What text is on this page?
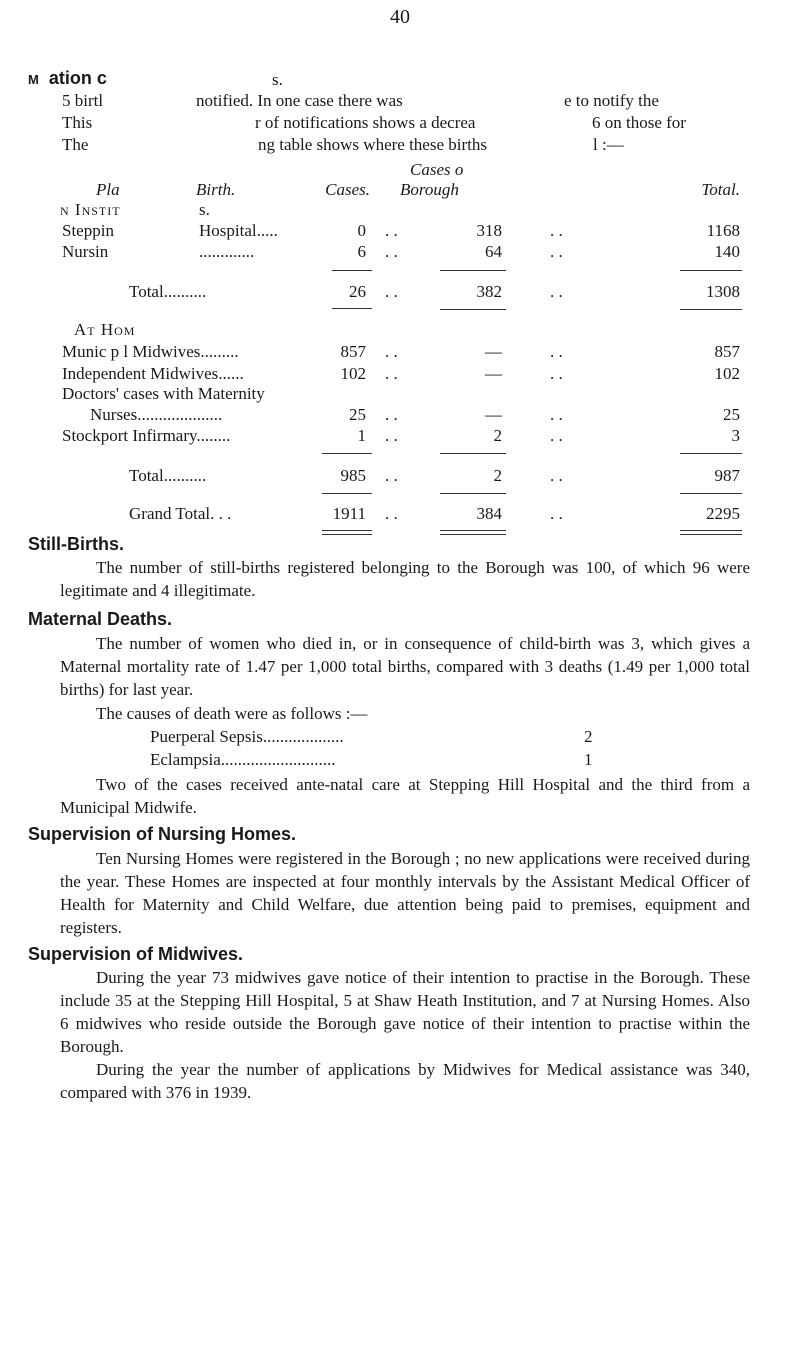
40
M ation c	s.
5 birtl	notified. In one case there was	e to notify the
This	r of notifications shows a decrea	6 on those for
The	ng table shows where these births	l :—
Cases o
Pla	Birth.	Cases. Borough	Total.
n Instit	s.
Steppin	Hospital.....	0 . .	318	. .	1168
Nursin	.............	6 . .	64	. .	140
Total..........	26 . .	382	. .	1308
At Hom
Munic p l Midwives.........	857 . .	—	. .	857
Independent Midwives......	102 . .	—	. .	102
Doctors' cases with Maternity
Nurses....................	25 . .	—	. .	25
Stockport Infirmary........	1 . .	2	. .	3
Total..........	985 . .	2	. .	987
Grand Total. . .	1911 . .	384	. .	2295
Still-Births.
The number of still-births registered belonging to the Borough was 100, of which 96 were legitimate and 4 illegitimate.
Maternal Deaths.
The number of women who died in, or in consequence of child-birth was 3, which gives a Maternal mortality rate of 1.47 per 1,000 total births, compared with 3 deaths (1.49 per 1,000 total births) for last year.
The causes of death were as follows :—
Puerperal Sepsis...................	2
Eclampsia...........................	1
Two of the cases received ante-natal care at Stepping Hill Hospital and the third from a Municipal Midwife.
Supervision of Nursing Homes.
Ten Nursing Homes were registered in the Borough ; no new applications were received during the year. These Homes are inspected at four monthly intervals by the Assistant Medical Officer of Health for Maternity and Child Welfare, due attention being paid to premises, equipment and registers.
Supervision of Midwives.
During the year 73 midwives gave notice of their intention to practise in the Borough. These include 35 at the Stepping Hill Hospital, 5 at Shaw Heath Institution, and 7 at Nursing Homes. Also 6 midwives who reside outside the Borough gave notice of their intention to practise within the Borough.
During the year the number of applications by Midwives for Medical assistance was 340, compared with 376 in 1939.
